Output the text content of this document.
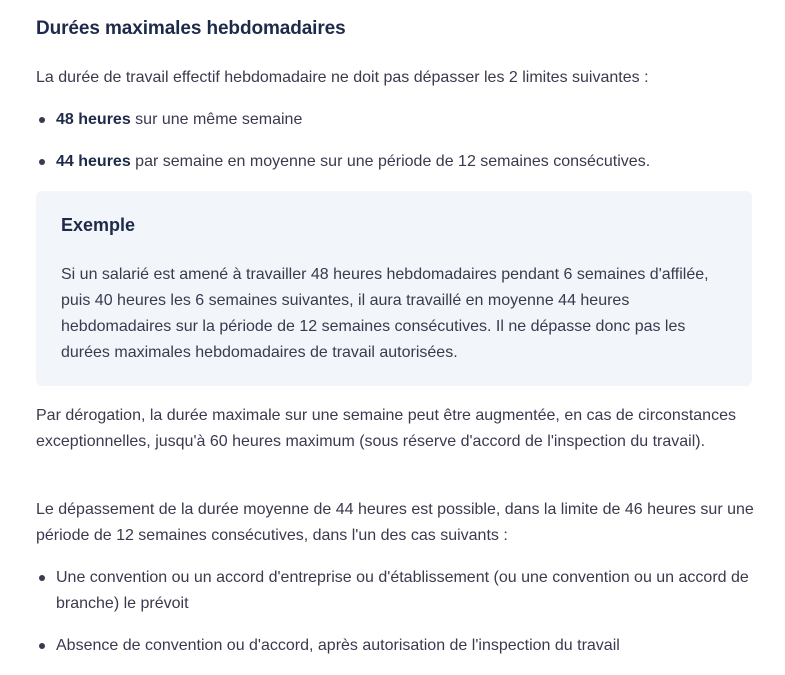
Durées maximales hebdomadaires

La durée de travail effectif hebdomadaire ne doit pas dépasser les 2 limites suivantes :

48 heures sur une même semaine
44 heures par semaine en moyenne sur une période de 12 semaines consécutives.
Exemple

Si un salarié est amené à travailler 48 heures hebdomadaires pendant 6 semaines d'affilée, puis 40 heures les 6 semaines suivantes, il aura travaillé en moyenne 44 heures hebdomadaires sur la période de 12 semaines consécutives. Il ne dépasse donc pas les durées maximales hebdomadaires de travail autorisées.

Par dérogation, la durée maximale sur une semaine peut être augmentée, en cas de circonstances exceptionnelles, jusqu'à 60 heures maximum (sous réserve d'accord de l'inspection du travail).

Le dépassement de la durée moyenne de 44 heures est possible, dans la limite de 46 heures sur une période de 12 semaines consécutives, dans l'un des cas suivants :

Une convention ou un accord d'entreprise ou d'établissement (ou une convention ou un accord de branche) le prévoit
Absence de convention ou d'accord, après autorisation de l'inspection du travail
